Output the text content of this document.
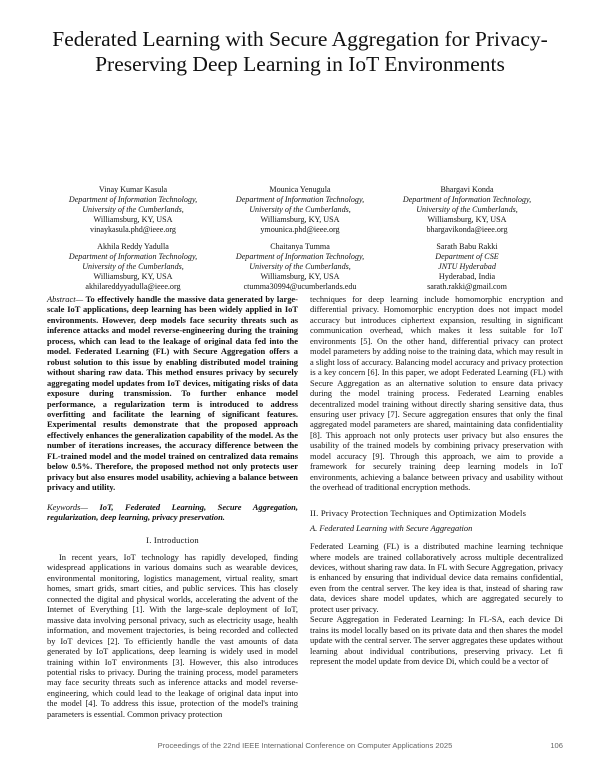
Federated Learning with Secure Aggregation for Privacy-Preserving Deep Learning in IoT Environments
Vinay Kumar Kasula
Department of Information Technology,
University of the Cumberlands,
Williamsburg, KY, USA
vinaykasula.phd@ieee.org
Mounica Yenugula
Department of Information Technology,
University of the Cumberlands,
Williamsburg, KY, USA
ymounica.phd@ieee.org
Bhargavi Konda
Department of Information Technology,
University of the Cumberlands,
Williamsburg, KY, USA
bhargavikonda@ieee.org
Akhila Reddy Yadulla
Department of Information Technology,
University of the Cumberlands,
Williamsburg, KY, USA
akhilareddyyadulla@ieee.org
Chaitanya Tumma
Department of Information Technology,
University of the Cumberlands,
Williamsburg, KY, USA
ctumma30994@ucumberlands.edu
Sarath Babu Rakki
Department of CSE
JNTU Hyderabad
Hyderabad, India
sarath.rakki@gmail.com

Abstract— To effectively handle the massive data generated by large-scale IoT applications, deep learning has been widely applied in IoT environments. However, deep models face security threats such as inference attacks and model reverse-engineering during the training process, which can lead to the leakage of original data fed into the model. Federated Learning (FL) with Secure Aggregation offers a robust solution to this issue by enabling distributed model training without sharing raw data. This method ensures privacy by securely aggregating model updates from IoT devices, mitigating risks of data exposure during transmission. To further enhance model performance, a regularization term is introduced to address overfitting and facilitate the learning of significant features. Experimental results demonstrate that the proposed approach effectively enhances the generalization capability of the model. As the number of iterations increases, the accuracy difference between the FL-trained model and the model trained on centralized data remains below 0.5%. Therefore, the proposed method not only protects user privacy but also ensures model usability, achieving a balance between privacy and utility.

Keywords— IoT, Federated Learning, Secure Aggregation, regularization, deep learning, privacy preservation.

I. Introduction

In recent years, IoT technology has rapidly developed, finding widespread applications in various domains such as wearable devices, environmental monitoring, logistics management, virtual reality, smart homes, smart grids, smart cities, and public services. This has closely connected the digital and physical worlds, accelerating the advent of the Internet of Everything [1]. With the large-scale deployment of IoT, massive data involving personal privacy, such as electricity usage, health information, and movement trajectories, is being recorded and collected by IoT devices [2]. To efficiently handle the vast amounts of data generated by IoT applications, deep learning is widely used in model training within IoT environments [3]. However, this also introduces potential risks to privacy. During the training process, model parameters may face security threats such as inference attacks and model reverse-engineering, which could lead to the leakage of original data input into the model [4]. To address this issue, protection of the model's training parameters is essential. Common privacy protection

techniques for deep learning include homomorphic encryption and differential privacy. Homomorphic encryption does not impact model accuracy but introduces ciphertext expansion, resulting in significant communication overhead, which makes it less suitable for IoT environments [5]. On the other hand, differential privacy can protect model parameters by adding noise to the training data, which may result in a slight loss of accuracy. Balancing model accuracy and privacy protection is a key concern [6]. In this paper, we adopt Federated Learning (FL) with Secure Aggregation as an alternative solution to ensure data privacy during the model training process. Federated Learning enables decentralized model training without directly sharing sensitive data, thus ensuring user privacy [7]. Secure aggregation ensures that only the final aggregated model parameters are shared, maintaining data confidentiality [8]. This approach not only protects user privacy but also ensures the usability of the trained models by combining privacy preservation with model accuracy [9]. Through this approach, we aim to provide a framework for securely training deep learning models in IoT environments, achieving a balance between privacy and usability without the overhead of traditional encryption methods.

II. Privacy Protection Techniques and Optimization Models

A. Federated Learning with Secure Aggregation

Federated Learning (FL) is a distributed machine learning technique where models are trained collaboratively across multiple decentralized devices, without sharing raw data. In FL with Secure Aggregation, privacy is enhanced by ensuring that individual device data remains confidential, even from the central server. The key idea is that, instead of sharing raw data, devices share model updates, which are aggregated securely to protect user privacy.

Secure Aggregation in Federated Learning: In FL-SA, each device Di trains its model locally based on its private data and then shares the model update with the central server. The server aggregates these updates without learning about individual contributions, preserving privacy. Let fi represent the model update from device Di, which could be a vector of

Proceedings of the 22nd IEEE International Conference on Computer Applications 2025	106
